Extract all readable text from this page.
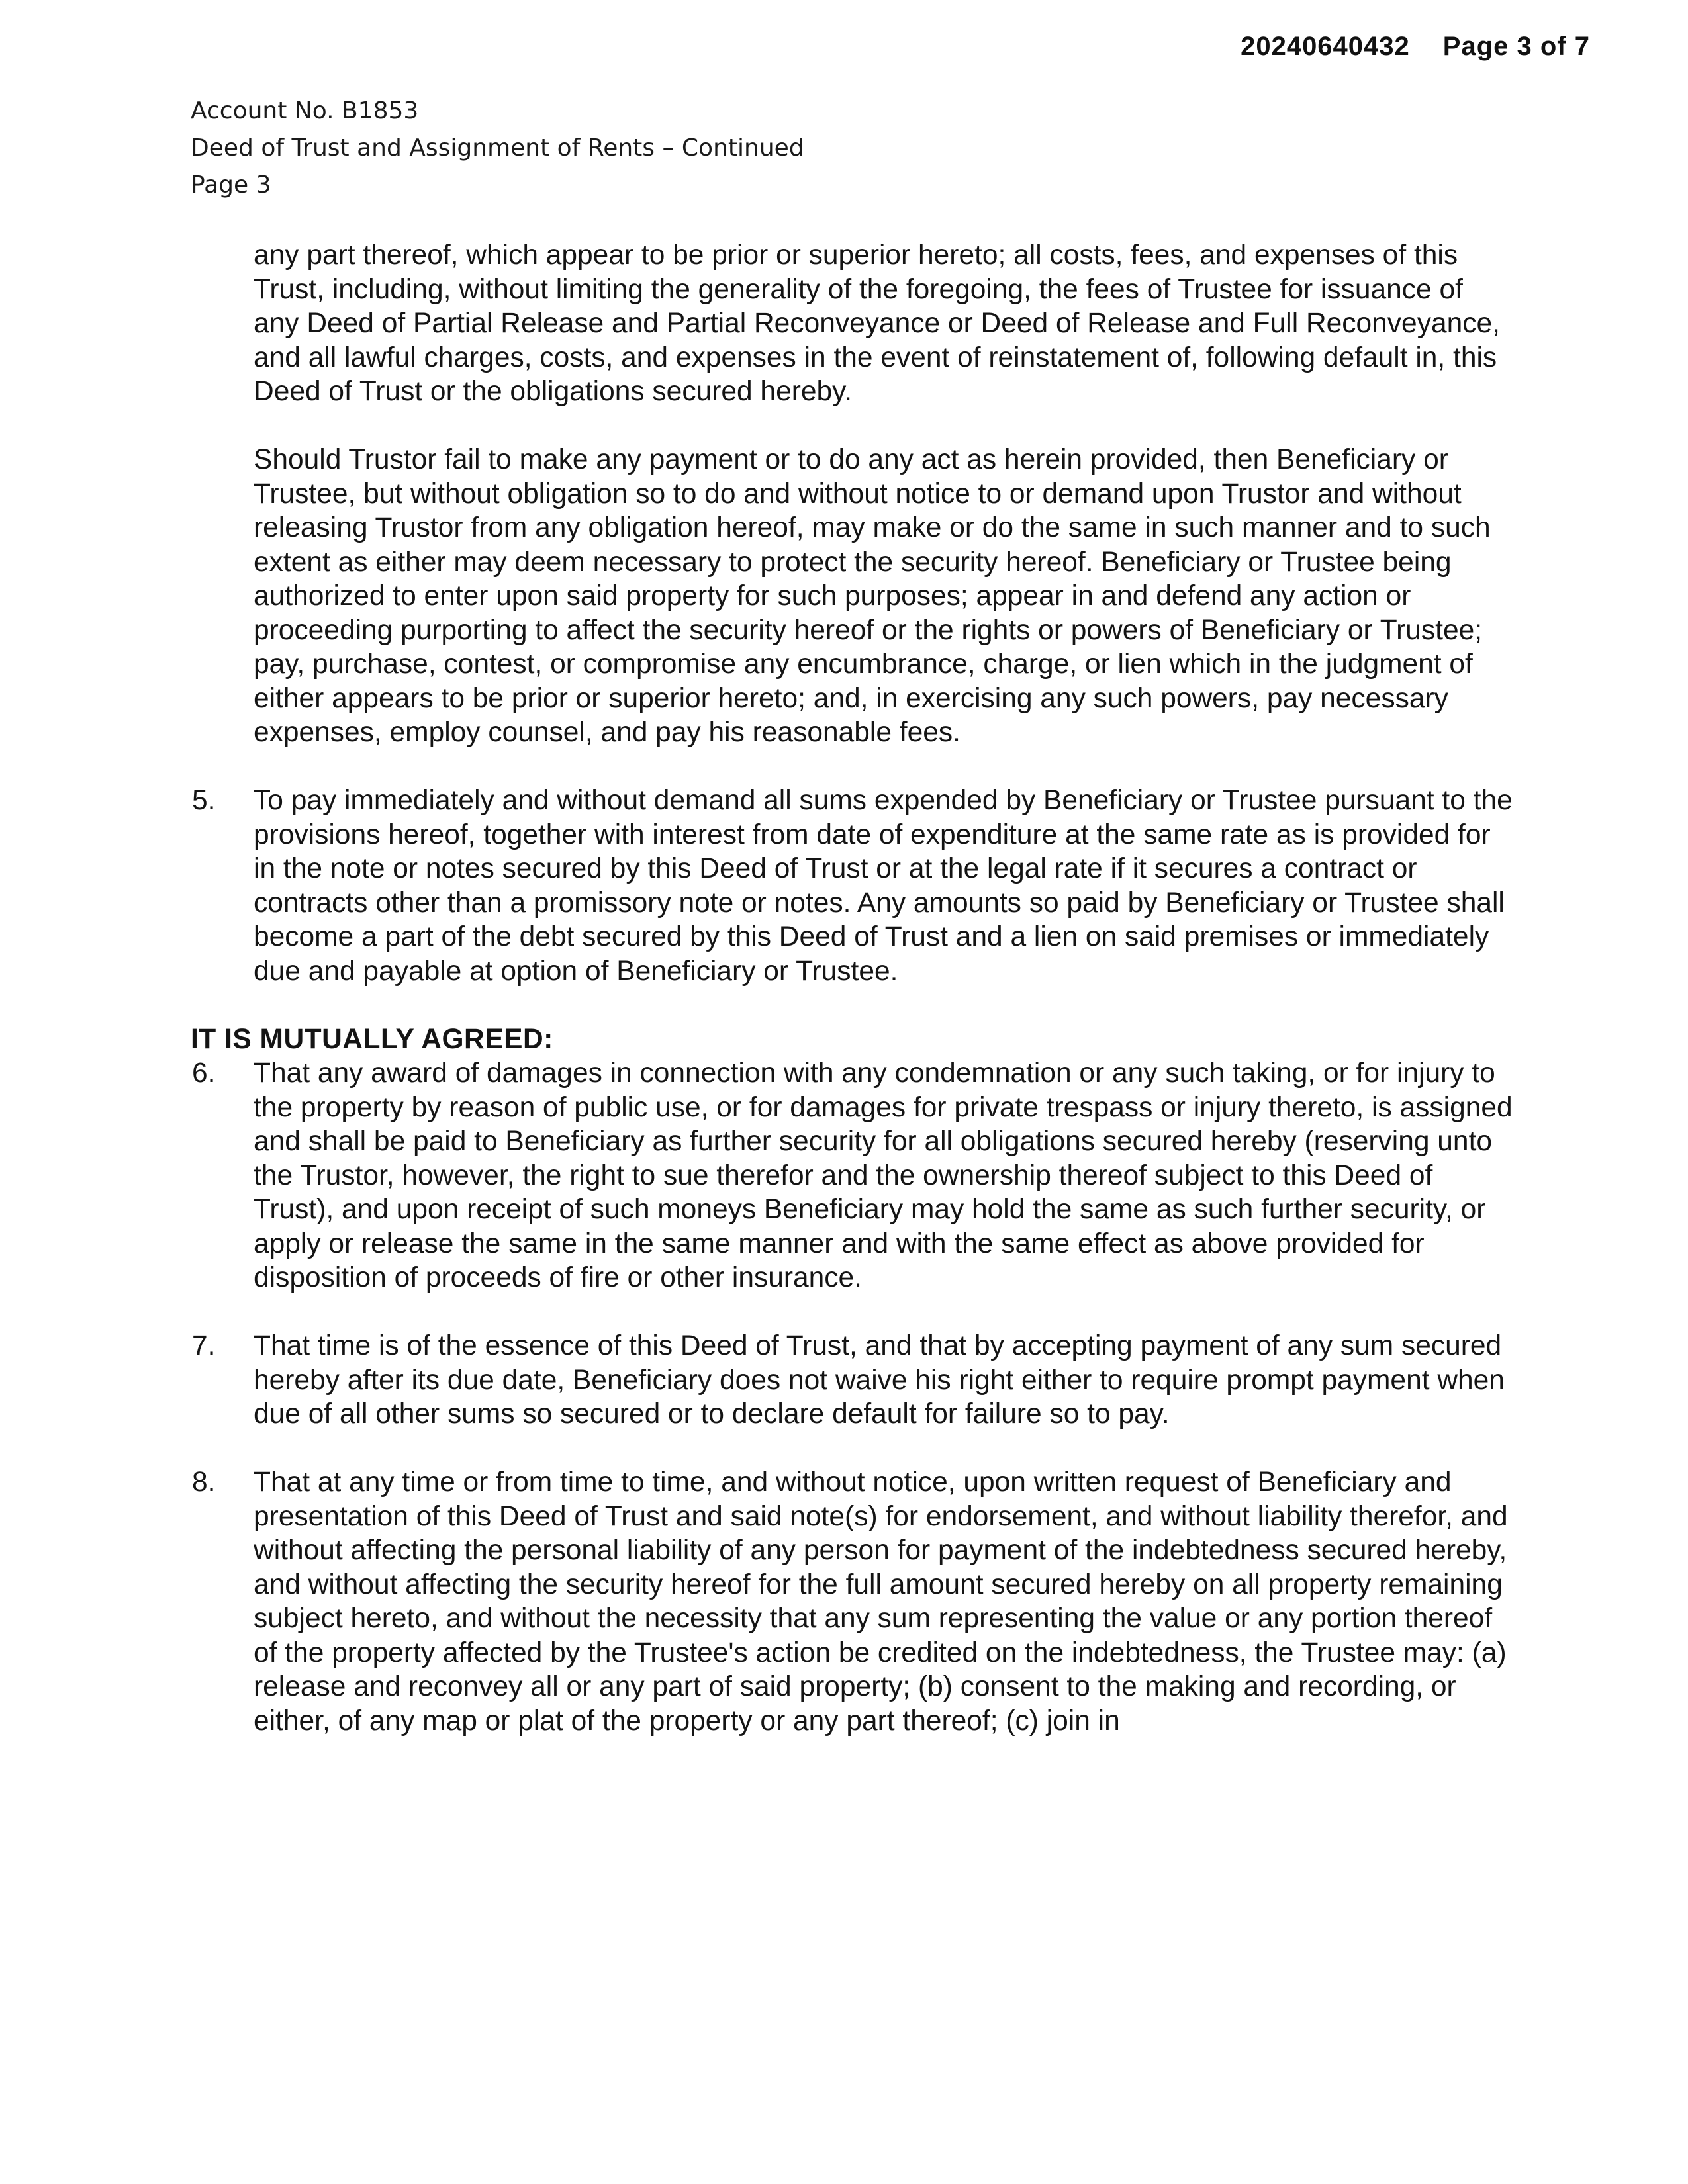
20240640432 Page 3 of 7
Account No. B1853
Deed of Trust and Assignment of Rents – Continued
Page 3

any part thereof, which appear to be prior or superior hereto; all costs, fees, and expenses of this Trust, including, without limiting the generality of the foregoing, the fees of Trustee for issuance of any Deed of Partial Release and Partial Reconveyance or Deed of Release and Full Reconveyance, and all lawful charges, costs, and expenses in the event of reinstatement of, following default in, this Deed of Trust or the obligations secured hereby.

Should Trustor fail to make any payment or to do any act as herein provided, then Beneficiary or Trustee, but without obligation so to do and without notice to or demand upon Trustor and without releasing Trustor from any obligation hereof, may make or do the same in such manner and to such extent as either may deem necessary to protect the security hereof. Beneficiary or Trustee being authorized to enter upon said property for such purposes; appear in and defend any action or proceeding purporting to affect the security hereof or the rights or powers of Beneficiary or Trustee; pay, purchase, contest, or compromise any encumbrance, charge, or lien which in the judgment of either appears to be prior or superior hereto; and, in exercising any such powers, pay necessary expenses, employ counsel, and pay his reasonable fees.

5.	To pay immediately and without demand all sums expended by Beneficiary or Trustee pursuant to the provisions hereof, together with interest from date of expenditure at the same rate as is provided for in the note or notes secured by this Deed of Trust or at the legal rate if it secures a contract or contracts other than a promissory note or notes. Any amounts so paid by Beneficiary or Trustee shall become a part of the debt secured by this Deed of Trust and a lien on said premises or immediately due and payable at option of Beneficiary or Trustee.
IT IS MUTUALLY AGREED:
6.	That any award of damages in connection with any condemnation or any such taking, or for injury to the property by reason of public use, or for damages for private trespass or injury thereto, is assigned and shall be paid to Beneficiary as further security for all obligations secured hereby (reserving unto the Trustor, however, the right to sue therefor and the ownership thereof subject to this Deed of Trust), and upon receipt of such moneys Beneficiary may hold the same as such further security, or apply or release the same in the same manner and with the same effect as above provided for disposition of proceeds of fire or other insurance.
7.	That time is of the essence of this Deed of Trust, and that by accepting payment of any sum secured hereby after its due date, Beneficiary does not waive his right either to require prompt payment when due of all other sums so secured or to declare default for failure so to pay.
8.	That at any time or from time to time, and without notice, upon written request of Beneficiary and presentation of this Deed of Trust and said note(s) for endorsement, and without liability therefor, and without affecting the personal liability of any person for payment of the indebtedness secured hereby, and without affecting the security hereof for the full amount secured hereby on all property remaining subject hereto, and without the necessity that any sum representing the value or any portion thereof of the property affected by the Trustee's action be credited on the indebtedness, the Trustee may: (a) release and reconvey all or any part of said property; (b) consent to the making and recording, or either, of any map or plat of the property or any part thereof; (c) join in
